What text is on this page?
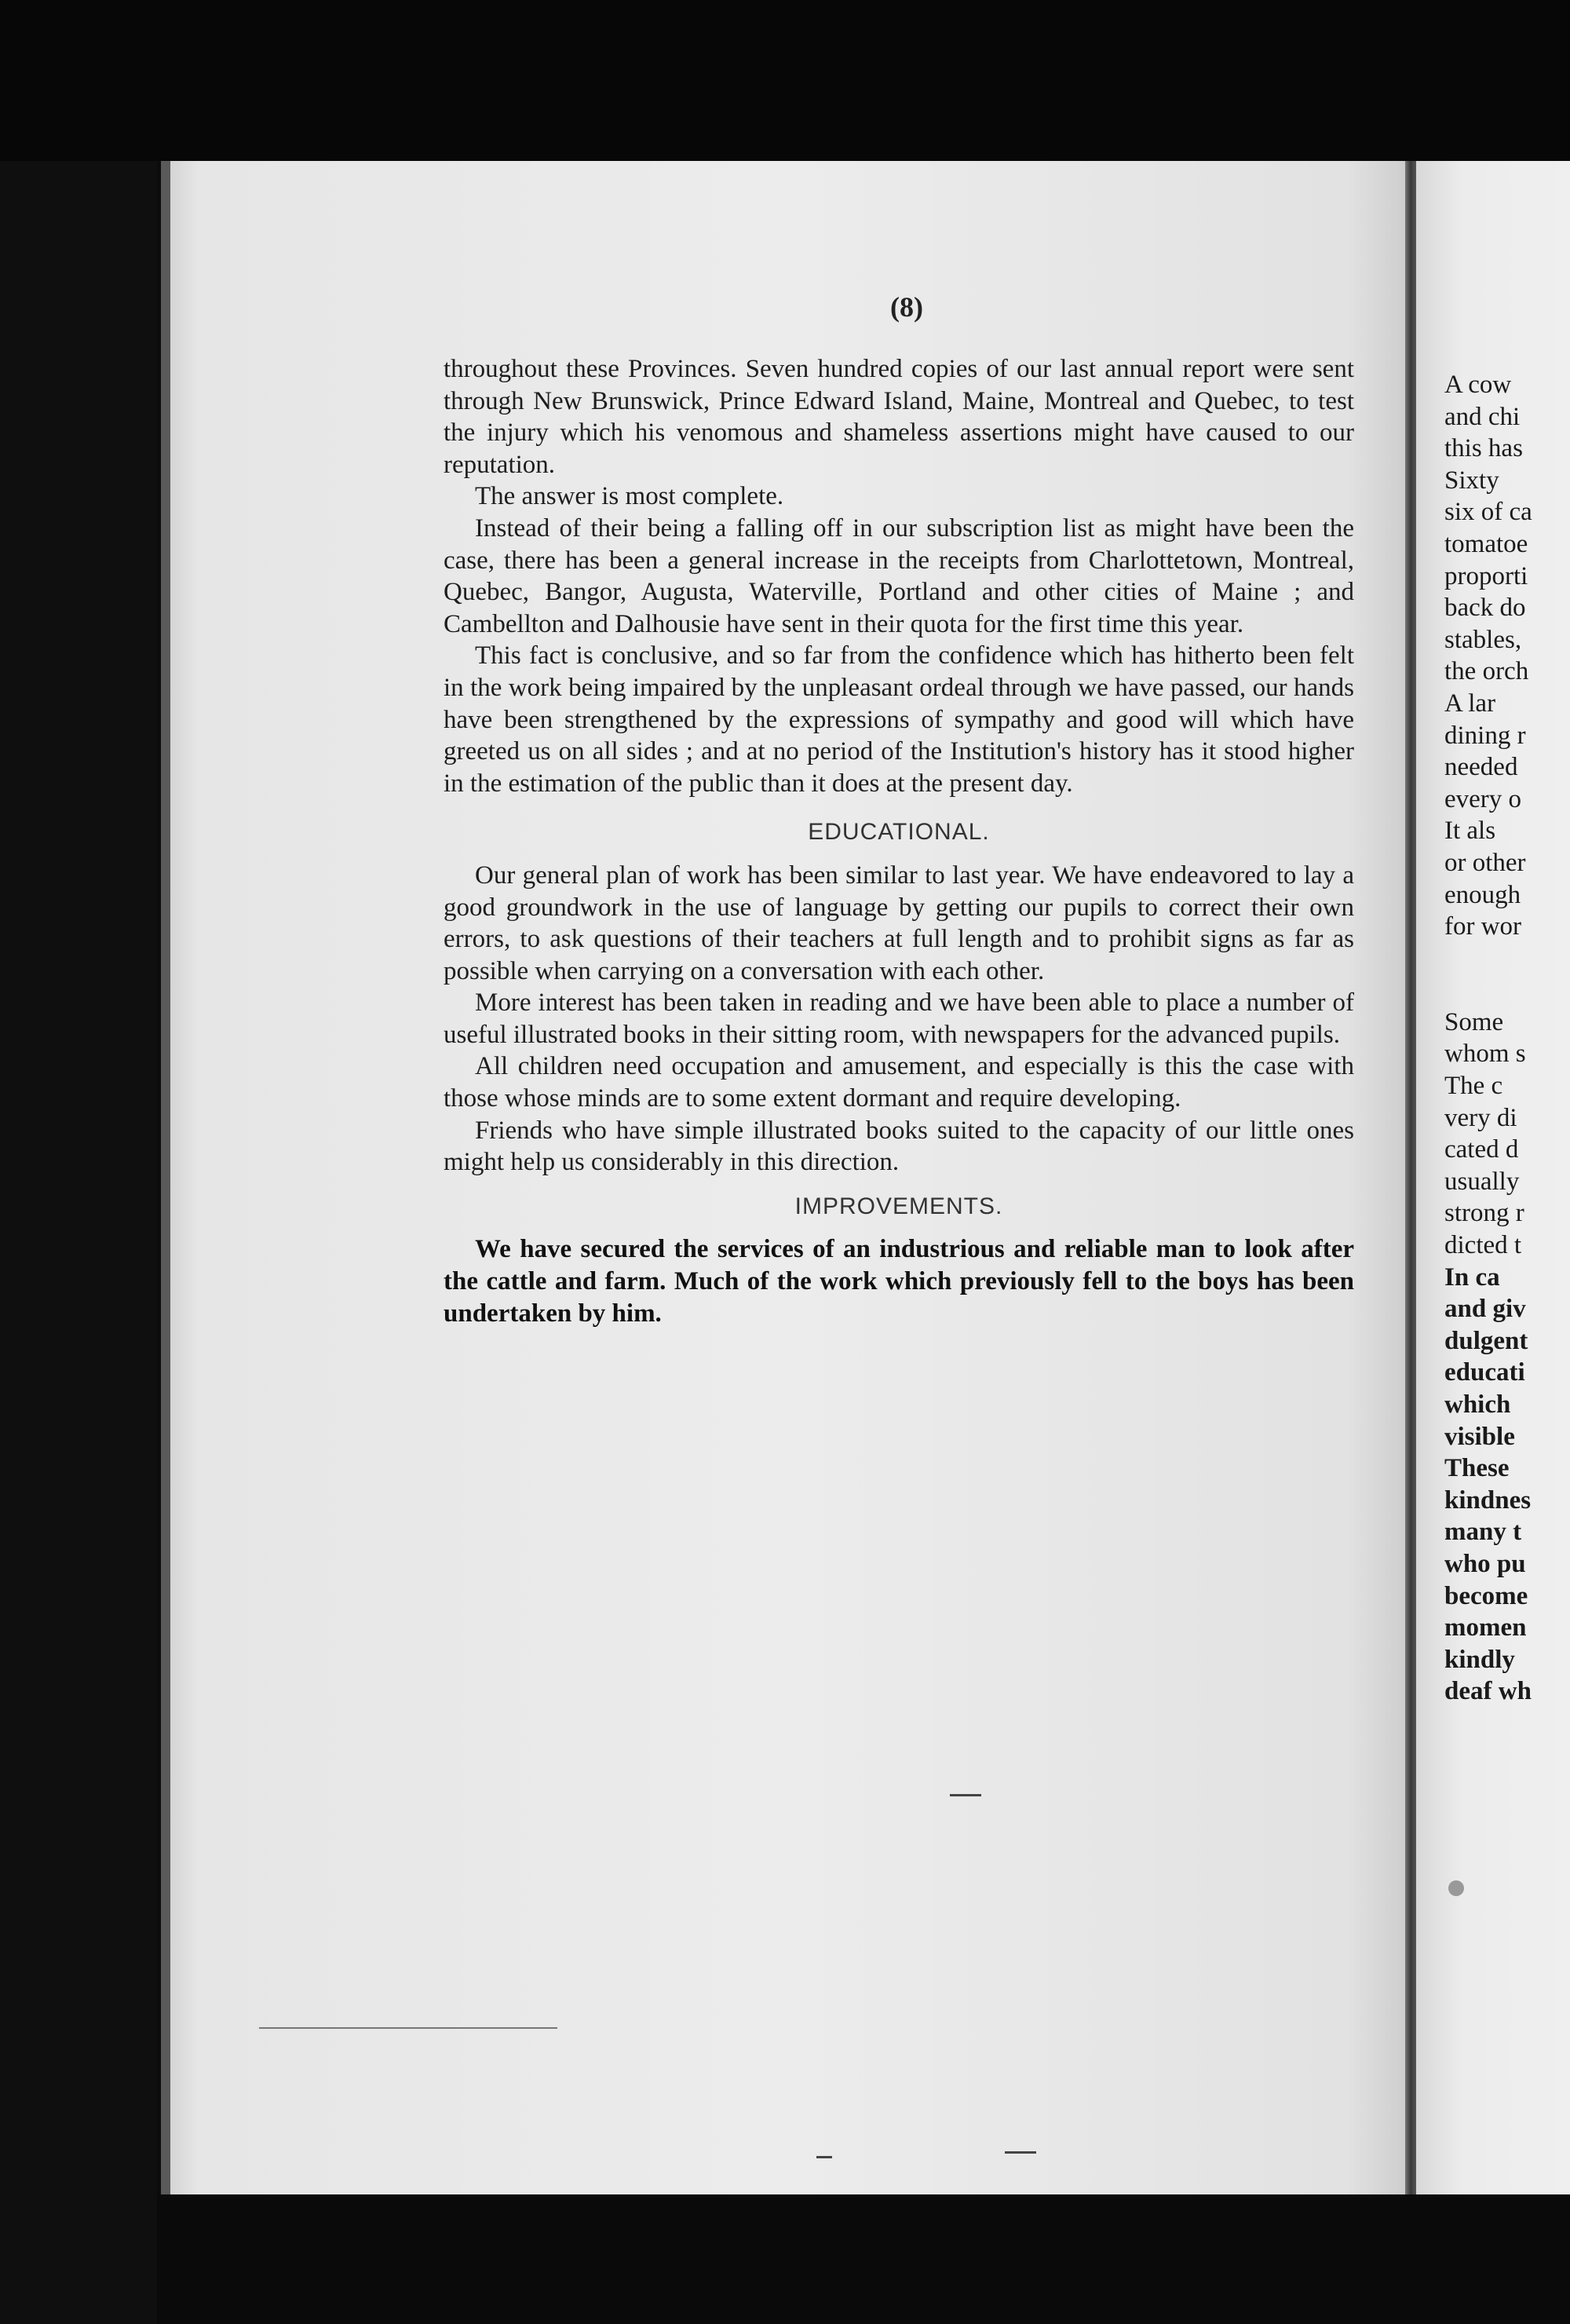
(8)

throughout these Provinces. Seven hundred copies of our last annual report were sent through New Brunswick, Prince Edward Island, Maine, Montreal and Quebec, to test the injury which his venomous and shameless assertions might have caused to our reputation.

The answer is most complete.

Instead of their being a falling off in our subscription list as might have been the case, there has been a general increase in the receipts from Charlottetown, Montreal, Quebec, Bangor, Augusta, Waterville, Portland and other cities of Maine ; and Cambellton and Dalhousie have sent in their quota for the first time this year.

This fact is conclusive, and so far from the confidence which has hitherto been felt in the work being impaired by the unpleasant ordeal through we have passed, our hands have been strengthened by the expressions of sympathy and good will which have greeted us on all sides ; and at no period of the Institution's history has it stood higher in the estimation of the public than it does at the present day.

EDUCATIONAL.

Our general plan of work has been similar to last year. We have endeavored to lay a good groundwork in the use of language by getting our pupils to correct their own errors, to ask questions of their teachers at full length and to prohibit signs as far as possible when carrying on a conversation with each other.

More interest has been taken in reading and we have been able to place a number of useful illustrated books in their sitting room, with newspapers for the advanced pupils.

All children need occupation and amusement, and especially is this the case with those whose minds are to some extent dormant and require developing.

Friends who have simple illustrated books suited to the capacity of our little ones might help us considerably in this direction.

IMPROVEMENTS.

We have secured the services of an industrious and reliable man to look after the cattle and farm. Much of the work which previously fell to the boys has been undertaken by him.

A cow
and chi
this has
Sixty
six of ca
tomatoe
proporti
back do
stables,
the orch
A lar
dining r
needed
every o
It als
or other
enough
for wor
Some
whom s
The c
very di
cated d
usually
strong r
dicted t
In ca
and giv
dulgent
educati
which
visible
These
kindnes
many t
who pu
become
momen
kindly
deaf wh
